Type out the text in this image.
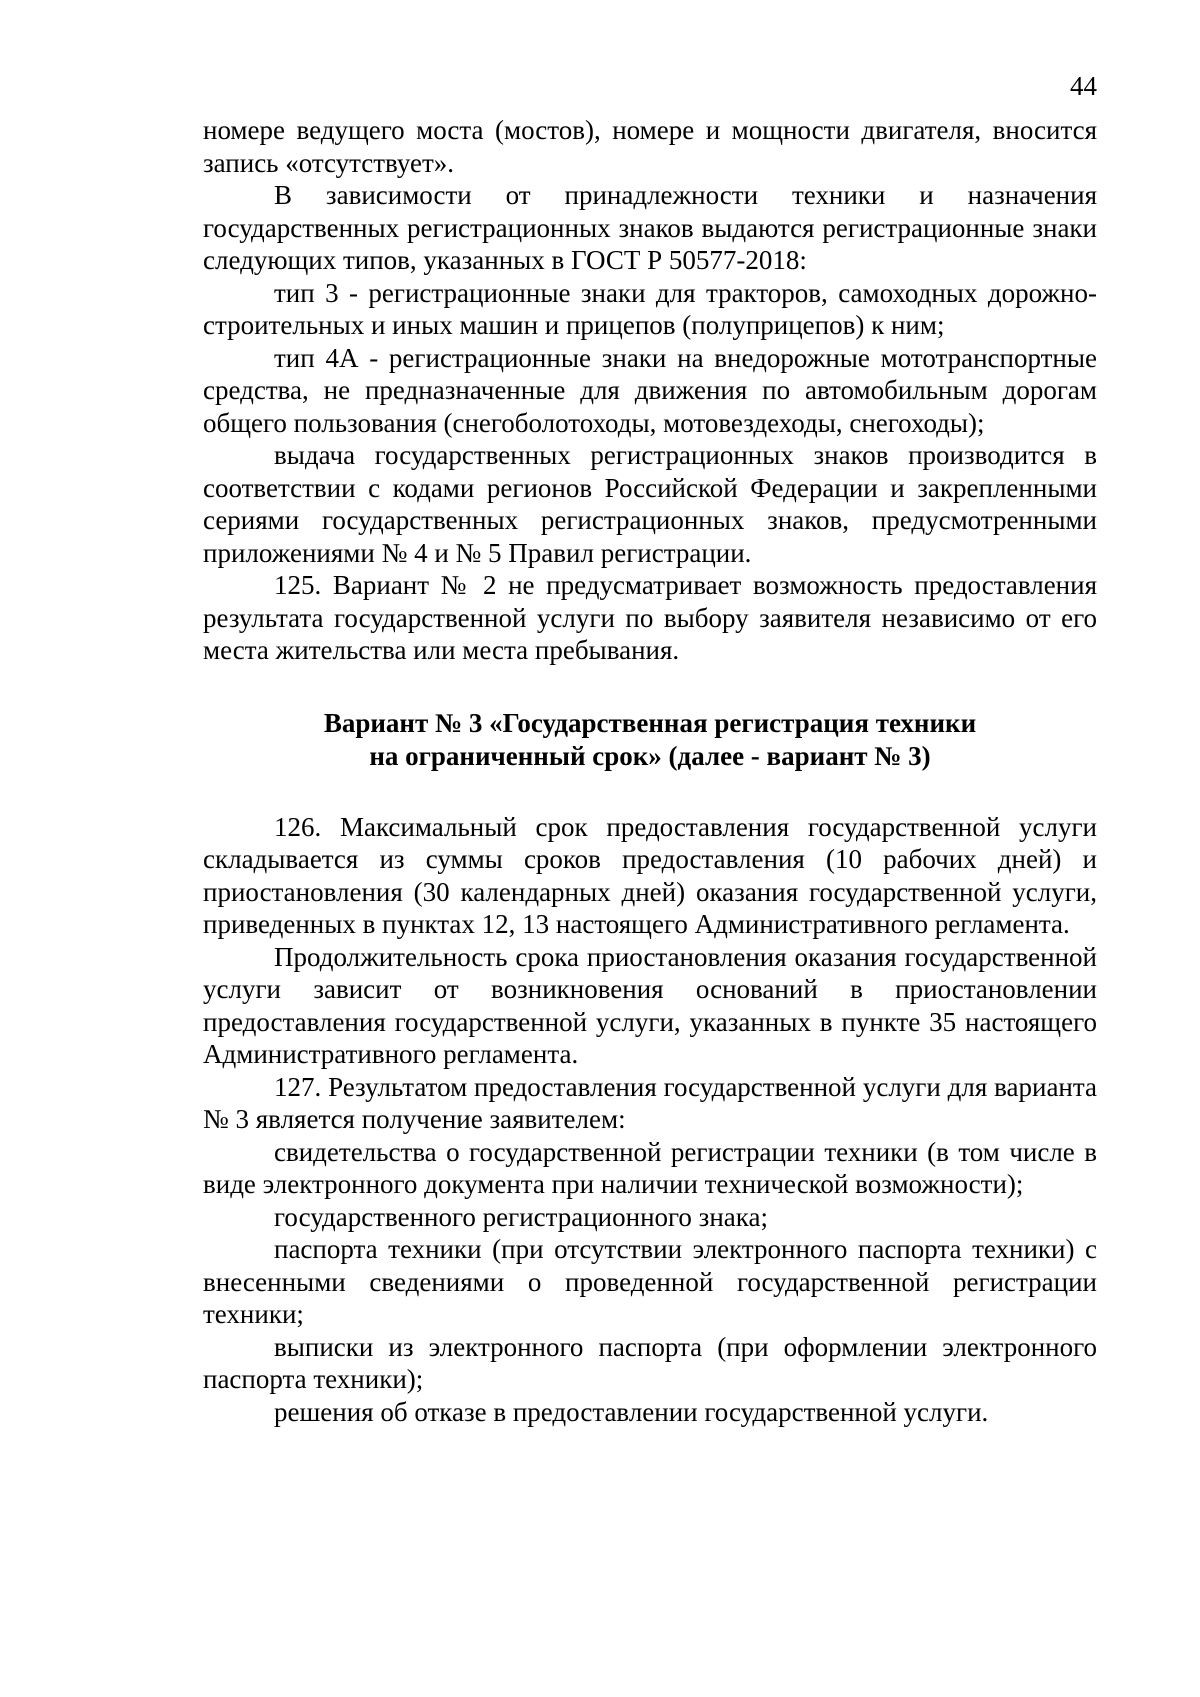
44

номере ведущего моста (мостов), номере и мощности двигателя, вносится запись «отсутствует».

В зависимости от принадлежности техники и назначения государственных регистрационных знаков выдаются регистрационные знаки следующих типов, указанных в ГОСТ Р 50577-2018:

тип 3 - регистрационные знаки для тракторов, самоходных дорожно-строительных и иных машин и прицепов (полуприцепов) к ним;

тип 4А - регистрационные знаки на внедорожные мототранспортные средства, не предназначенные для движения по автомобильным дорогам общего пользования (снегоболотоходы, мотовездеходы, снегоходы);

выдача государственных регистрационных знаков производится в соответствии с кодами регионов Российской Федерации и закрепленными сериями государственных регистрационных знаков, предусмотренными приложениями № 4 и № 5 Правил регистрации.

125. Вариант № 2 не предусматривает возможность предоставления результата государственной услуги по выбору заявителя независимо от его места жительства или места пребывания.

Вариант № 3 «Государственная регистрация техники
на ограниченный срок» (далее - вариант № 3)

126. Максимальный срок предоставления государственной услуги складывается из суммы сроков предоставления (10 рабочих дней) и приостановления (30 календарных дней) оказания государственной услуги, приведенных в пунктах 12, 13 настоящего Административного регламента.

Продолжительность срока приостановления оказания государственной услуги зависит от возникновения оснований в приостановлении предоставления государственной услуги, указанных в пункте 35 настоящего Административного регламента.

127. Результатом предоставления государственной услуги для варианта № 3 является получение заявителем:

свидетельства о государственной регистрации техники (в том числе в виде электронного документа при наличии технической возможности);

государственного регистрационного знака;

паспорта техники (при отсутствии электронного паспорта техники) с внесенными сведениями о проведенной государственной регистрации техники;

выписки из электронного паспорта (при оформлении электронного паспорта техники);

решения об отказе в предоставлении государственной услуги.
